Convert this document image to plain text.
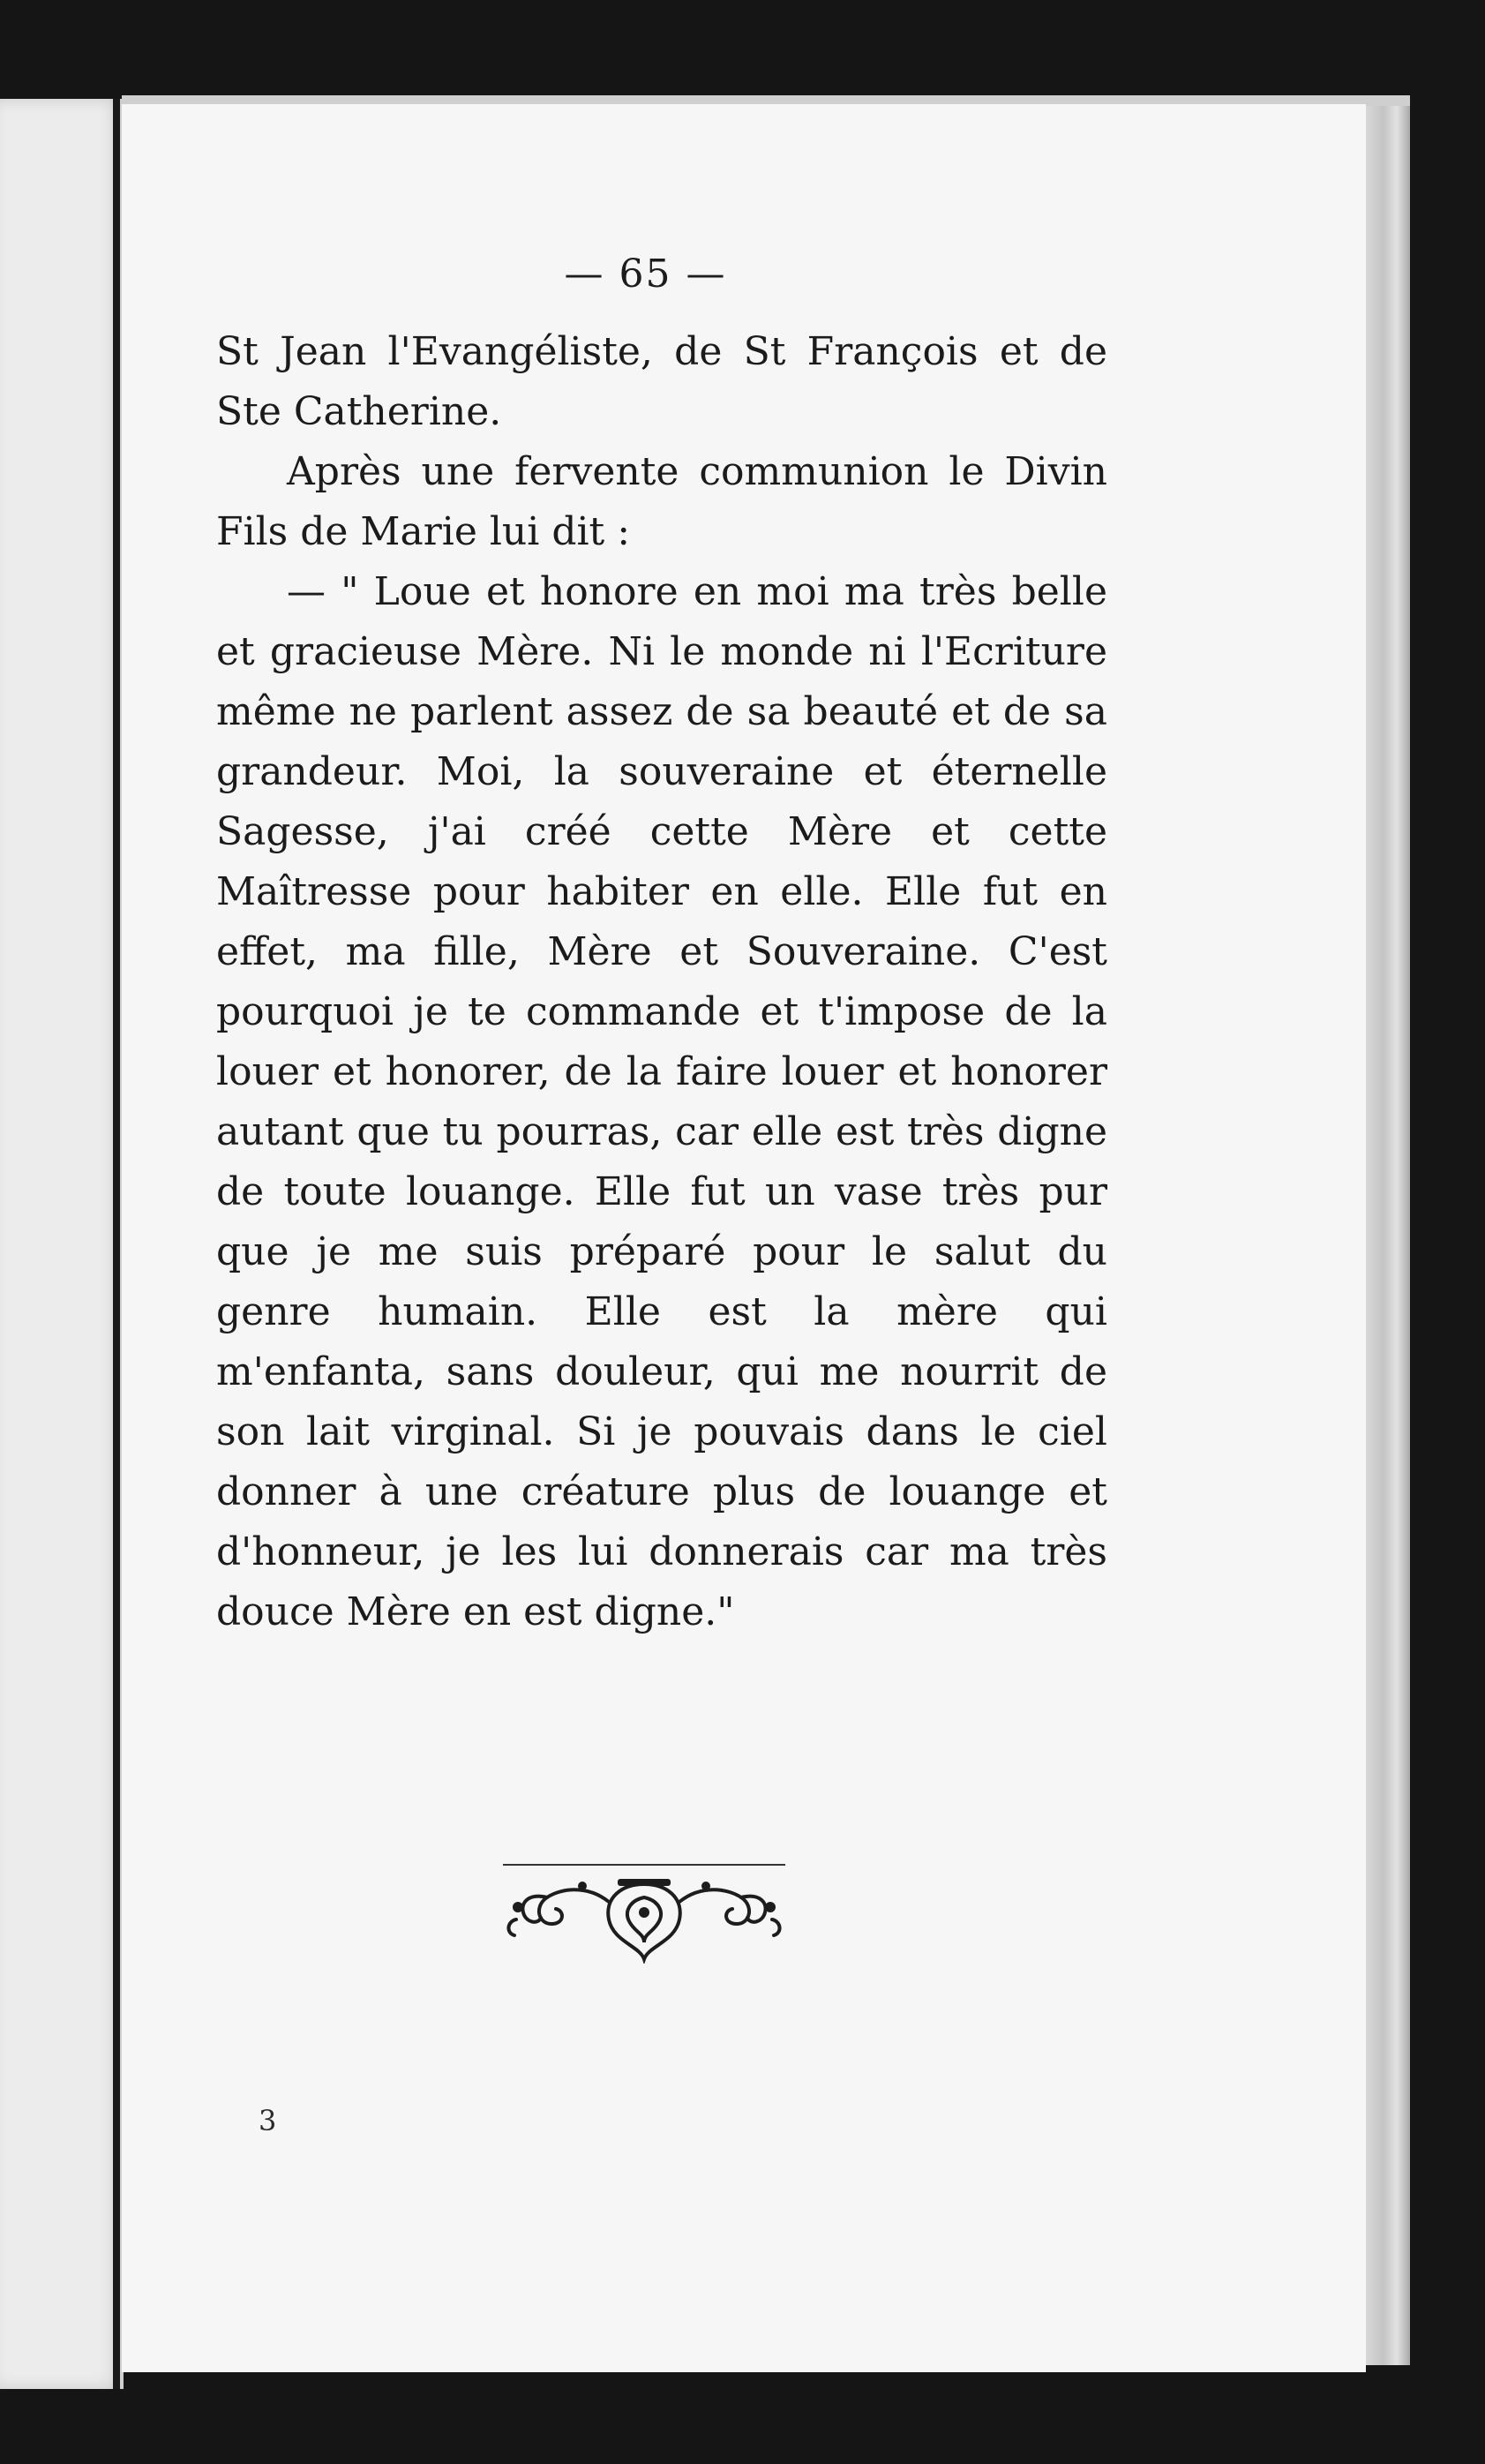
— 65 —

St Jean l'Evangéliste, de St François et de Ste Catherine.

Après une fervente communion le Divin Fils de Marie lui dit :

— " Loue et honore en moi ma très belle et gracieuse Mère. Ni le monde ni l'Ecriture même ne parlent assez de sa beauté et de sa grandeur. Moi, la souveraine et éternelle Sagesse, j'ai créé cette Mère et cette Maîtresse pour habiter en elle. Elle fut en effet, ma fille, Mère et Souveraine. C'est pourquoi je te commande et t'impose de la louer et honorer, de la faire louer et honorer autant que tu pourras, car elle est très digne de toute louange. Elle fut un vase très pur que je me suis préparé pour le salut du genre humain. Elle est la mère qui m'enfanta, sans douleur, qui me nourrit de son lait virginal. Si je pouvais dans le ciel donner à une créature plus de louange et d'honneur, je les lui donnerais car ma très douce Mère en est digne."

3
